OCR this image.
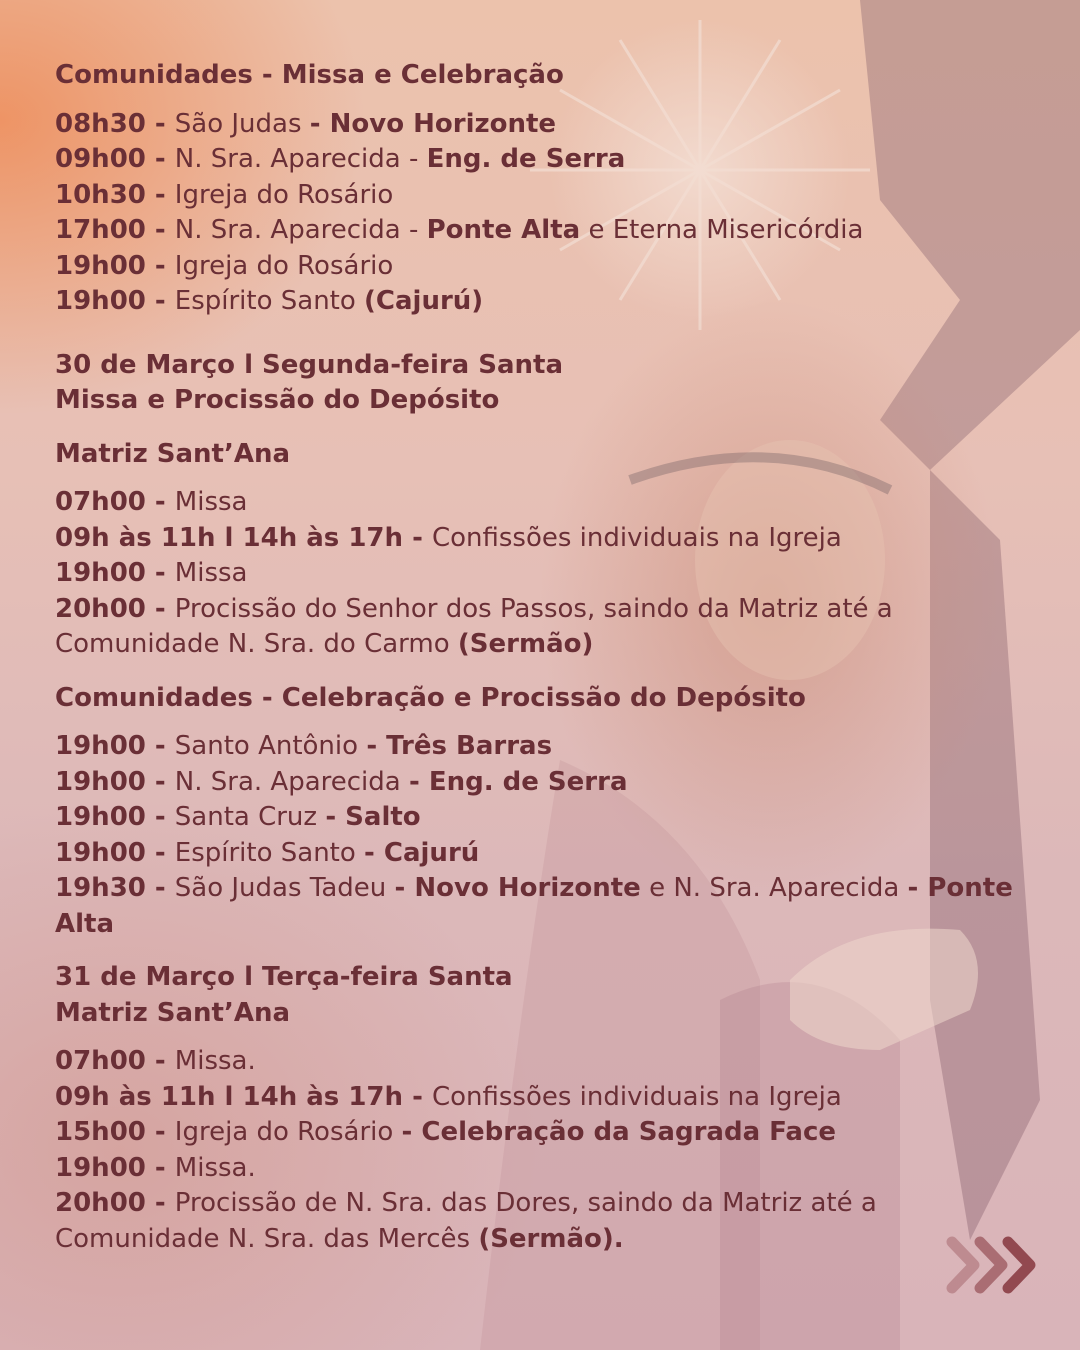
Comunidades - Missa e Celebração
08h30 - São Judas - Novo Horizonte
09h00 - N. Sra. Aparecida - Eng. de Serra
10h30 - Igreja do Rosário
17h00 - N. Sra. Aparecida - Ponte Alta e Eterna Misericórdia
19h00 - Igreja do Rosário
19h00 - Espírito Santo (Cajurú)
30 de Março l Segunda-feira Santa
Missa e Procissão do Depósito
Matriz Sant’Ana
07h00 - Missa
09h às 11h l 14h às 17h - Confissões individuais na Igreja
19h00 - Missa
20h00 - Procissão do Senhor dos Passos, saindo da Matriz até a Comunidade N. Sra. do Carmo (Sermão)
Comunidades - Celebração e Procissão do Depósito
19h00 - Santo Antônio - Três Barras
19h00 - N. Sra. Aparecida - Eng. de Serra
19h00 - Santa Cruz - Salto
19h00 - Espírito Santo - Cajurú
19h30 - São Judas Tadeu - Novo Horizonte e N. Sra. Aparecida - Ponte Alta
31 de Março l Terça-feira Santa
Matriz Sant’Ana
07h00 - Missa.
09h às 11h l 14h às 17h - Confissões individuais na Igreja
15h00 - Igreja do Rosário - Celebração da Sagrada Face
19h00 - Missa.
20h00 - Procissão de N. Sra. das Dores, saindo da Matriz até a Comunidade N. Sra. das Mercês (Sermão).
